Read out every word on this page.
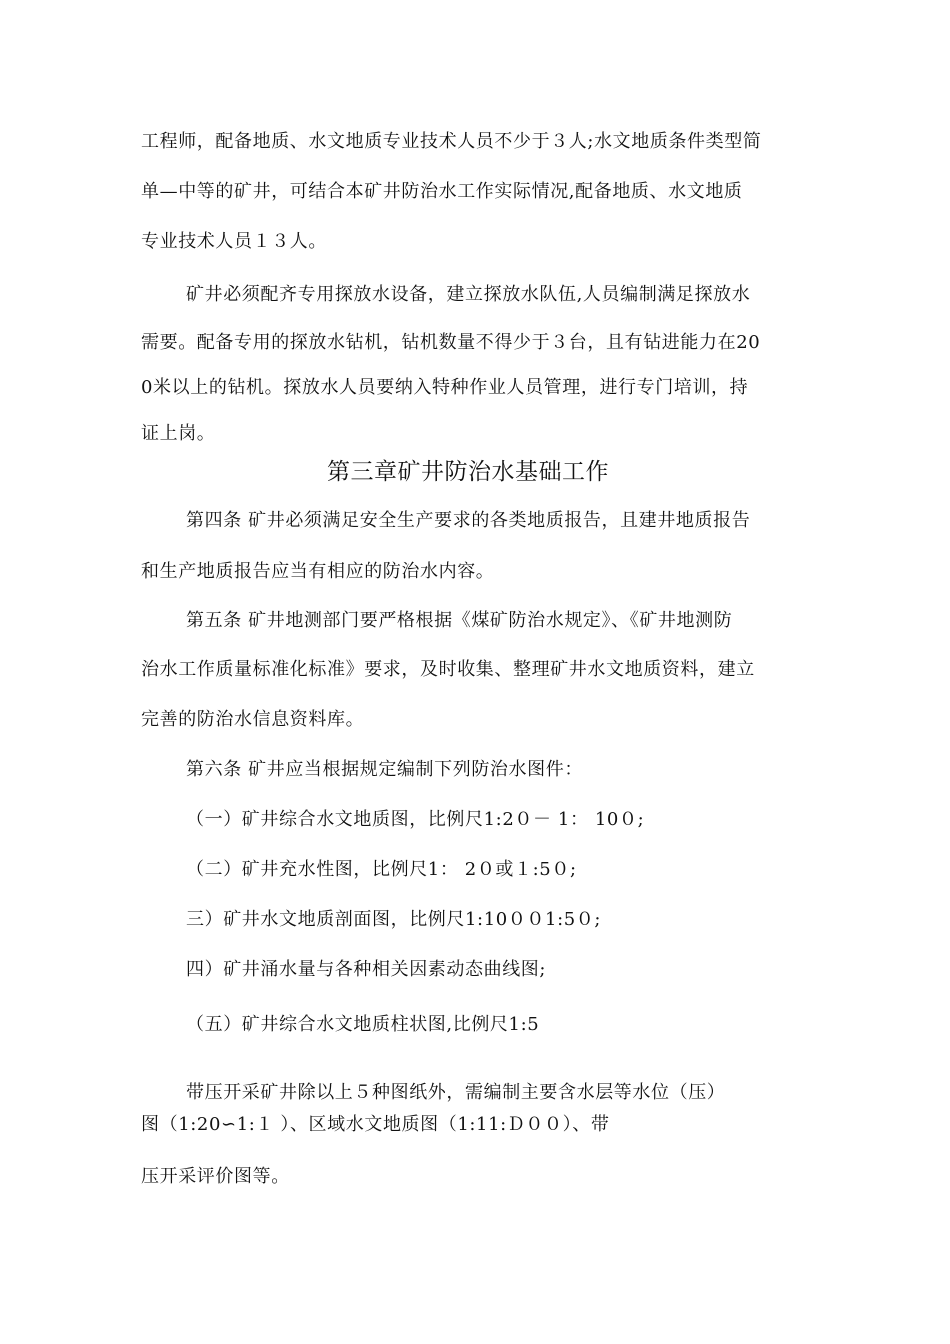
工程师，配备地质、水文地质专业技术人员不少于３人;水文地质条件类型简
单—中等的矿井，可结合本矿井防治水工作实际情况,配备地质、水文地质
专业技术人员１３人。
矿井必须配齐专用探放水设备，建立探放水队伍,人员编制满足探放水
需要。配备专用的探放水钻机，钻机数量不得少于３台，且有钻进能力在20
0米以上的钻机。探放水人员要纳入特种作业人员管理，进行专门培训，持
证上岗。
第三章矿井防治水基础工作
第四条 矿井必须满足安全生产要求的各类地质报告，且建井地质报告
和生产地质报告应当有相应的防治水内容。
第五条 矿井地测部门要严格根据《煤矿防治水规定》、《矿井地测防
治水工作质量标准化标准》要求，及时收集、整理矿井水文地质资料，建立
完善的防治水信息资料库。
第六条 矿井应当根据规定编制下列防治水图件：
（一）矿井综合水文地质图，比例尺1:2０－ 1： 10０;
（二）矿井充水性图，比例尺1： 2０或１:5０;
三）矿井水文地质剖面图，比例尺1:10００1:5０;
四）矿井涌水量与各种相关因素动态曲线图;
（五）矿井综合水文地质柱状图,比例尺1:5
带压开采矿井除以上５种图纸外，需编制主要含水层等水位（压）
图（1:20∽1:１ ）、区域水文地质图（1:11:Ｄ００）、带
压开采评价图等。
